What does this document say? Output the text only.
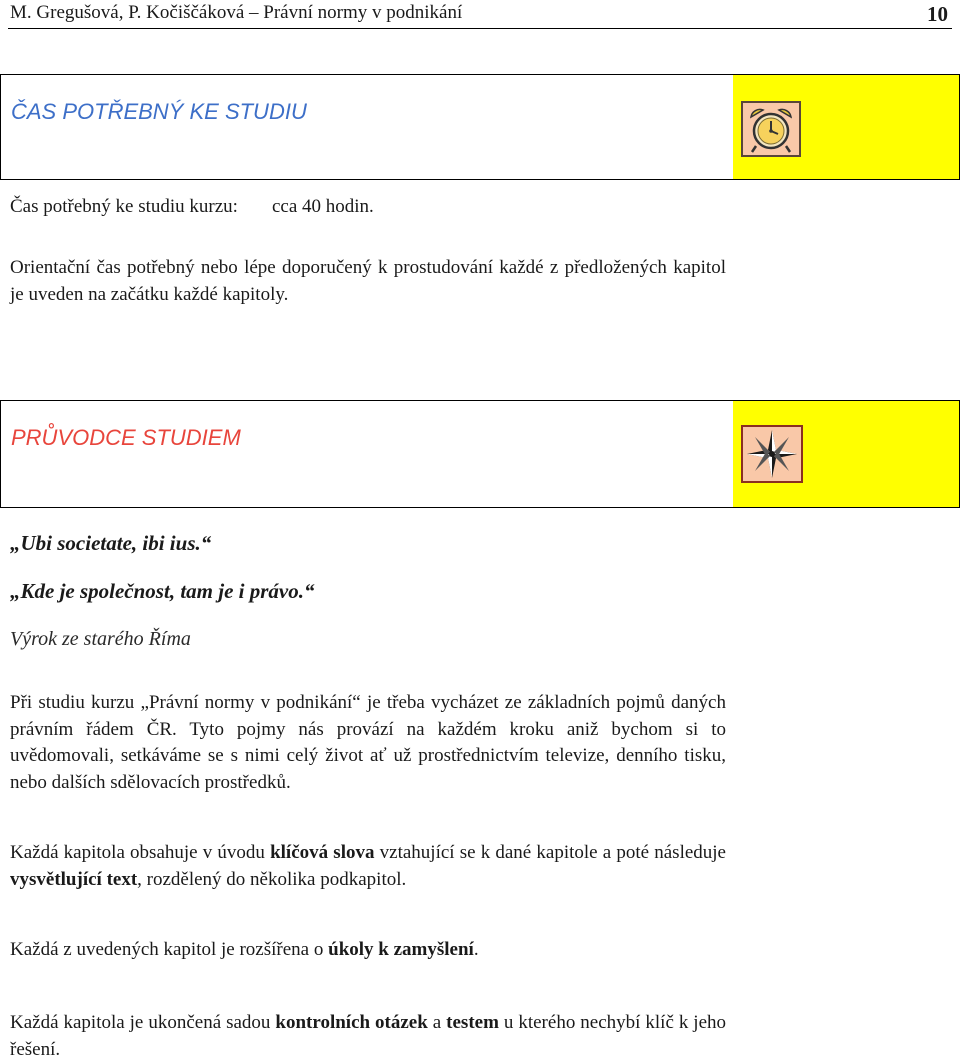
M. Gregušová, P. Kočiščáková – Právní normy v podnikání	10
ČAS POTŘEBNÝ KE STUDIU
Čas potřebný ke studiu kurzu: cca 40 hodin.
Orientační čas potřebný nebo lépe doporučený k prostudování každé z předložených kapitol je uveden na začátku každé kapitoly.
PRŮVODCE STUDIEM
„Ubi societate, ibi ius.“
„Kde je společnost, tam je i právo.“
Výrok ze starého Říma
Při studiu kurzu „Právní normy v podnikání“ je třeba vycházet ze základních pojmů daných právním řádem ČR. Tyto pojmy nás provází na každém kroku aniž bychom si to uvědomovali, setkáváme se s nimi celý život ať už prostřednictvím televize, denního tisku, nebo dalších sdělovacích prostředků.
Každá kapitola obsahuje v úvodu klíčová slova vztahující se k dané kapitole a poté následuje vysvětlující text, rozdělený do několika podkapitol.
Každá z uvedených kapitol je rozšířena o úkoly k zamyšlení.
Každá kapitola je ukončená sadou kontrolních otázek a testem u kterého nechybí klíč k jeho řešení.
